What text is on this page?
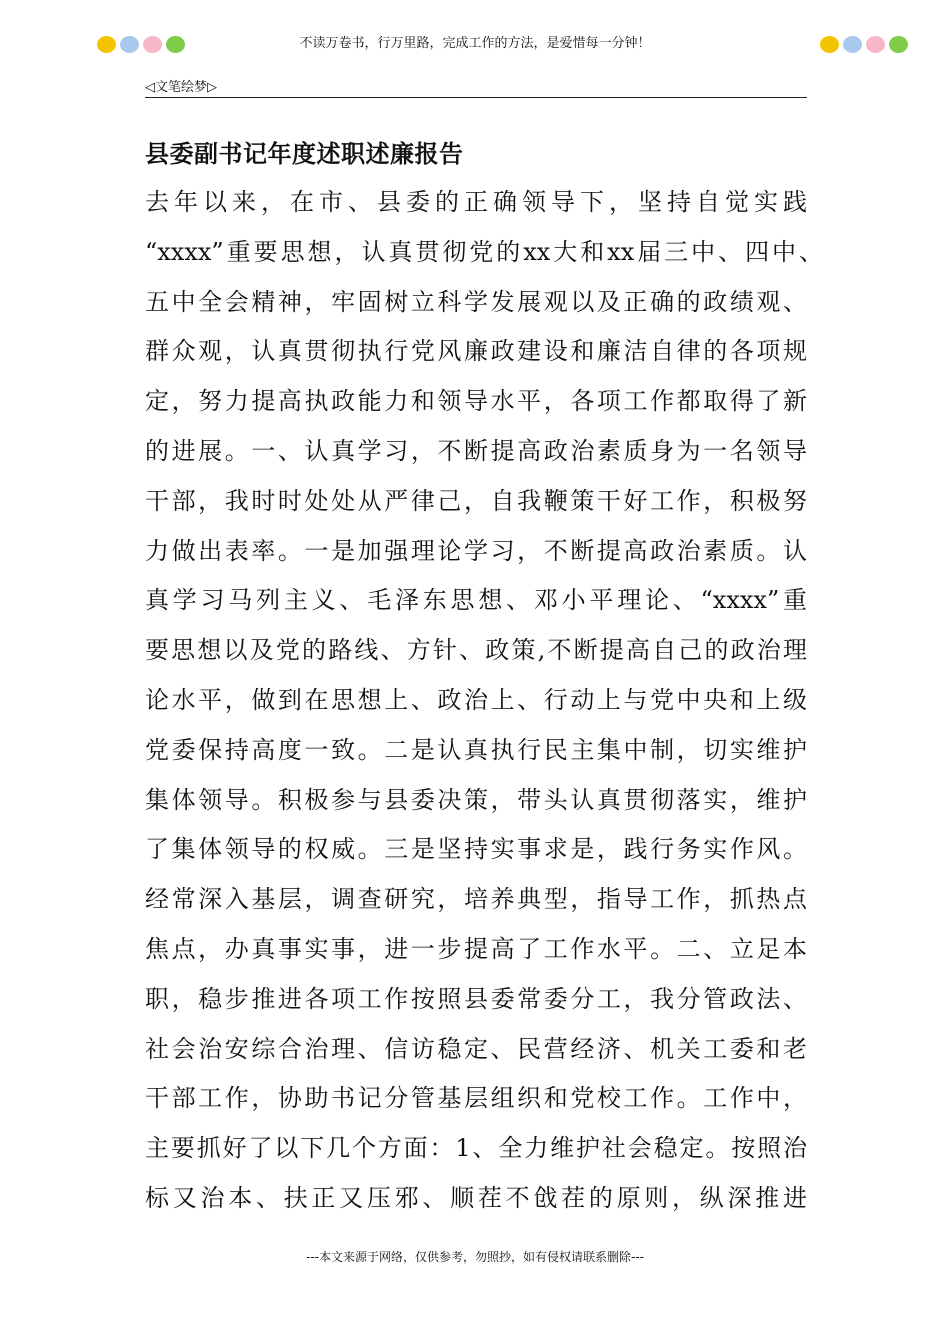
不读万卷书，行万里路，完成工作的方法，是爱惜每一分钟！
◁文笔绘梦▷
县委副书记年度述职述廉报告
去年以来，在市、县委的正确领导下，坚持自觉实践
“xxxx”重要思想，认真贯彻党的xx大和xx届三中、四中、
五中全会精神，牢固树立科学发展观以及正确的政绩观、
群众观，认真贯彻执行党风廉政建设和廉洁自律的各项规
定，努力提高执政能力和领导水平，各项工作都取得了新
的进展。一、认真学习，不断提高政治素质身为一名领导
干部，我时时处处从严律己，自我鞭策干好工作，积极努
力做出表率。一是加强理论学习，不断提高政治素质。认
真学习马列主义、毛泽东思想、邓小平理论、“xxxx”重
要思想以及党的路线、方针、政策,不断提高自己的政治理
论水平，做到在思想上、政治上、行动上与党中央和上级
党委保持高度一致。二是认真执行民主集中制，切实维护
集体领导。积极参与县委决策，带头认真贯彻落实，维护
了集体领导的权威。三是坚持实事求是，践行务实作风。
经常深入基层，调查研究，培养典型，指导工作，抓热点
焦点，办真事实事，进一步提高了工作水平。二、立足本
职，稳步推进各项工作按照县委常委分工，我分管政法、
社会治安综合治理、信访稳定、民营经济、机关工委和老
干部工作，协助书记分管基层组织和党校工作。工作中，
主要抓好了以下几个方面：1、全力维护社会稳定。按照治
标又治本、扶正又压邪、顺茬不戗茬的原则，纵深推进
---本文来源于网络，仅供参考，勿照抄，如有侵权请联系删除---
